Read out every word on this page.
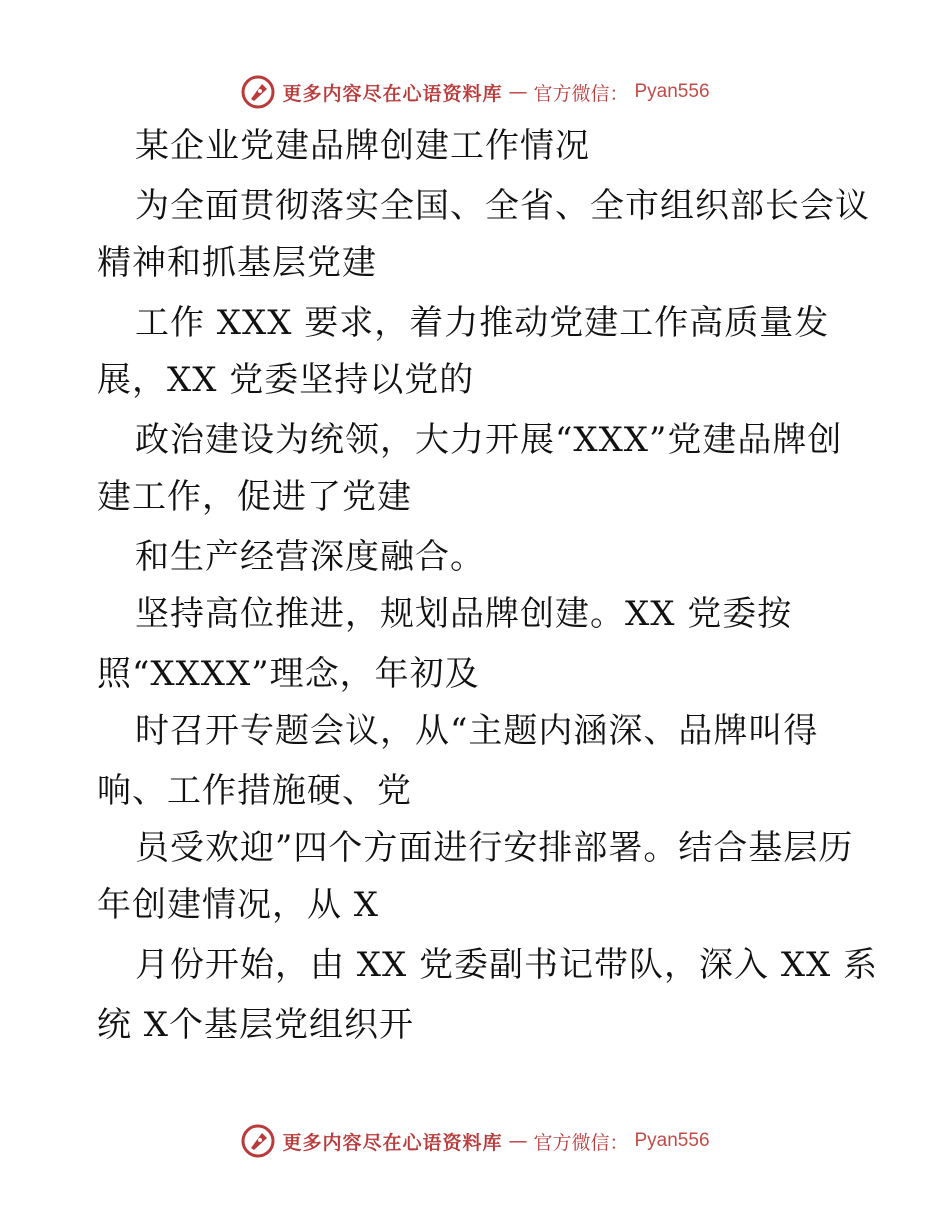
更多内容尽在心语资料库 — 官方微信： Pyan556
某企业党建品牌创建工作情况
为全面贯彻落实全国、全省、全市组织部长会议
精神和抓基层党建
工作 XXX 要求，着力推动党建工作高质量发
展，XX 党委坚持以党的
政治建设为统领，大力开展“XXX”党建品牌创
建工作，促进了党建
和生产经营深度融合。
坚持高位推进，规划品牌创建。XX 党委按
照“XXXX”理念，年初及
时召开专题会议，从“主题内涵深、品牌叫得
响、工作措施硬、党
员受欢迎”四个方面进行安排部署。结合基层历
年创建情况，从 X
月份开始，由 XX 党委副书记带队，深入 XX 系
统 X个基层党组织开
更多内容尽在心语资料库 — 官方微信： Pyan556
